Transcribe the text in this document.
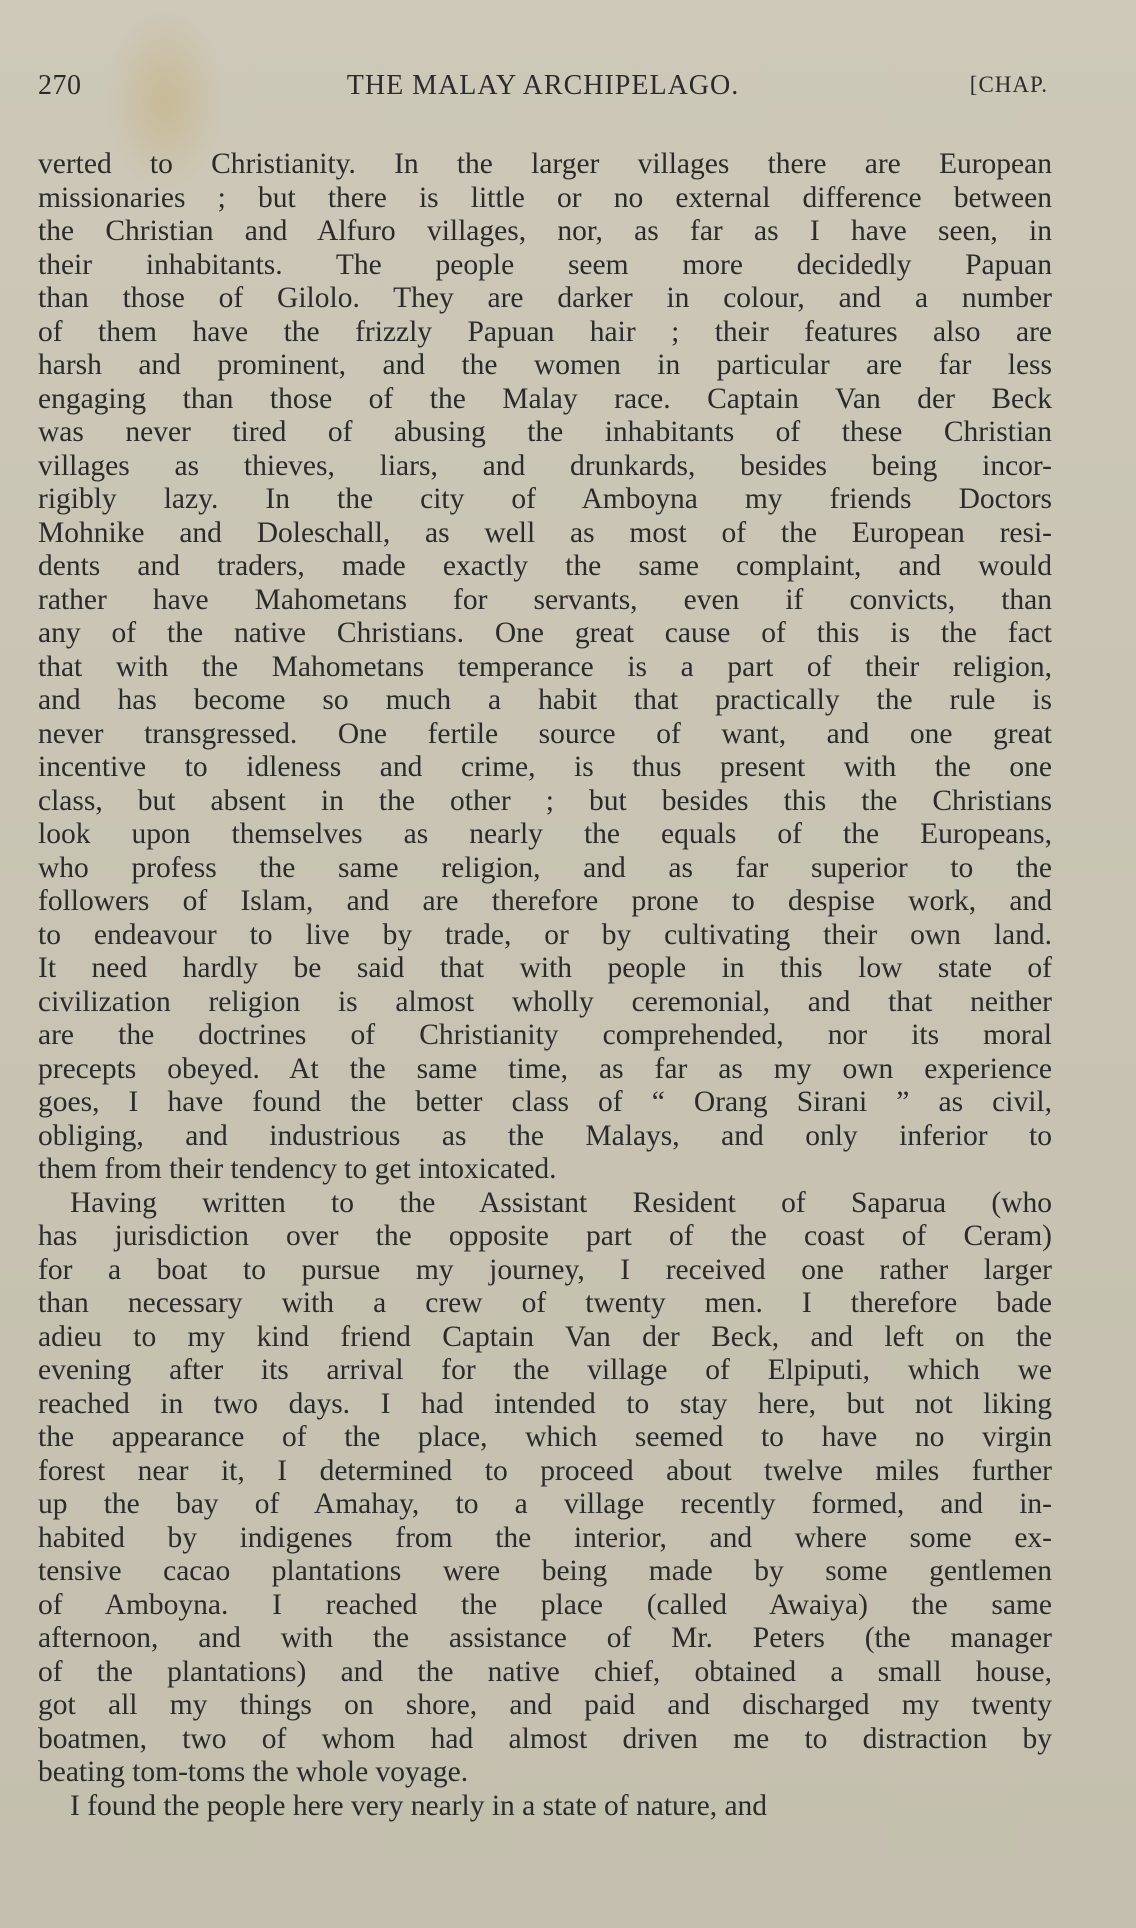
270	THE MALAY ARCHIPELAGO.	[CHAP.

verted to Christianity. In the larger villages there are European

missionaries ; but there is little or no external difference between

the Christian and Alfuro villages, nor, as far as I have seen, in

their inhabitants. The people seem more decidedly Papuan

than those of Gilolo. They are darker in colour, and a number

of them have the frizzly Papuan hair ; their features also are

harsh and prominent, and the women in particular are far less

engaging than those of the Malay race. Captain Van der Beck

was never tired of abusing the inhabitants of these Christian

villages as thieves, liars, and drunkards, besides being incor-

rigibly lazy. In the city of Amboyna my friends Doctors

Mohnike and Doleschall, as well as most of the European resi-

dents and traders, made exactly the same complaint, and would

rather have Mahometans for servants, even if convicts, than

any of the native Christians. One great cause of this is the fact

that with the Mahometans temperance is a part of their religion,

and has become so much a habit that practically the rule is

never transgressed. One fertile source of want, and one great

incentive to idleness and crime, is thus present with the one

class, but absent in the other ; but besides this the Christians

look upon themselves as nearly the equals of the Europeans,

who profess the same religion, and as far superior to the

followers of Islam, and are therefore prone to despise work, and

to endeavour to live by trade, or by cultivating their own land.

It need hardly be said that with people in this low state of

civilization religion is almost wholly ceremonial, and that neither

are the doctrines of Christianity comprehended, nor its moral

precepts obeyed. At the same time, as far as my own experience

goes, I have found the better class of “ Orang Sirani ” as civil,

obliging, and industrious as the Malays, and only inferior to

them from their tendency to get intoxicated.

Having written to the Assistant Resident of Saparua (who

has jurisdiction over the opposite part of the coast of Ceram)

for a boat to pursue my journey, I received one rather larger

than necessary with a crew of twenty men. I therefore bade

adieu to my kind friend Captain Van der Beck, and left on the

evening after its arrival for the village of Elpiputi, which we

reached in two days. I had intended to stay here, but not liking

the appearance of the place, which seemed to have no virgin

forest near it, I determined to proceed about twelve miles further

up the bay of Amahay, to a village recently formed, and in-

habited by indigenes from the interior, and where some ex-

tensive cacao plantations were being made by some gentlemen

of Amboyna. I reached the place (called Awaiya) the same

afternoon, and with the assistance of Mr. Peters (the manager

of the plantations) and the native chief, obtained a small house,

got all my things on shore, and paid and discharged my twenty

boatmen, two of whom had almost driven me to distraction by

beating tom-toms the whole voyage.

I found the people here very nearly in a state of nature, and
